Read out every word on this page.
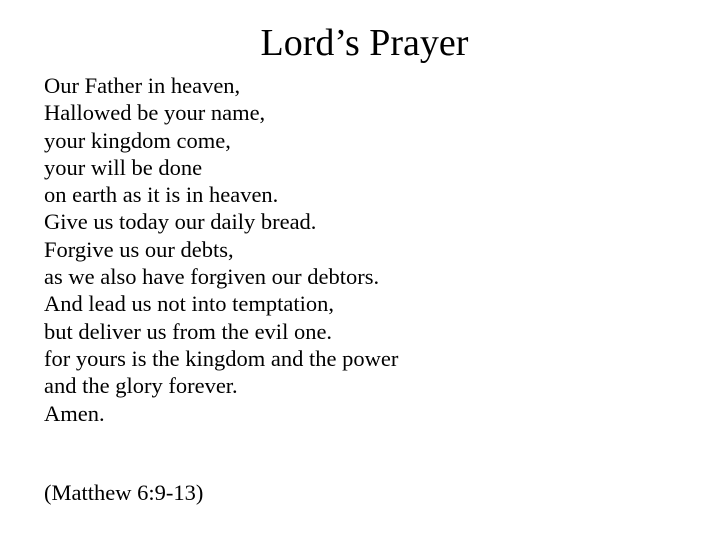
Lord’s Prayer
Our Father in heaven,
Hallowed be your name,
your kingdom come,
your will be done
on earth as it is in heaven.
Give us today our daily bread.
Forgive us our debts,
as we also have forgiven our debtors.
And lead us not into temptation,
but deliver us from the evil one.
for yours is the kingdom and the power
and the glory forever.
Amen.
(Matthew 6:9-13)
